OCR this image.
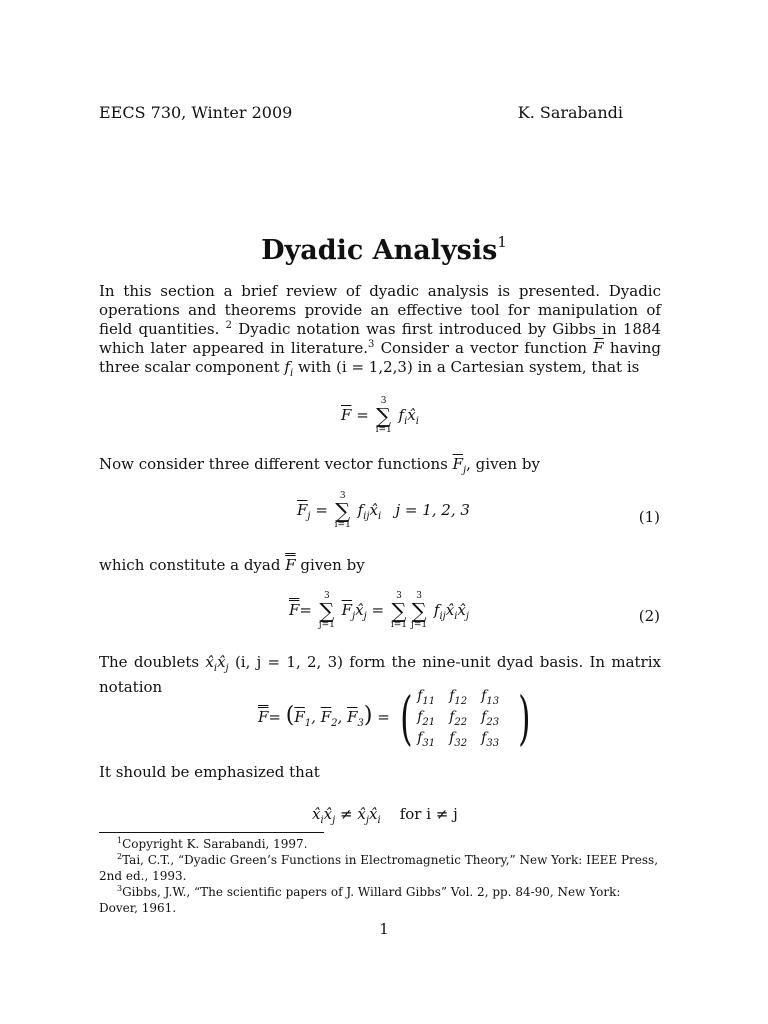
EECS 730, Winter 2009	K. Sarabandi
Dyadic Analysis$^1$
In this section a brief review of dyadic analysis is presented. Dyadic operations and theorems provide an effective tool for manipulation of field quantities. $^2$ Dyadic notation was first introduced by Gibbs in 1884 which later appeared in literature.$^3$ Consider a vector function $\overline{F}$ having three scalar component $f_i$ with (i = 1,2,3) in a Cartesian system, that is
$\overline{F}$ =
3
∑
i=1
$f_ix̂_i$
Now consider three different vector functions $\overline{F}_j$, given by
$\overline{F}_j$ =
3
∑
i=1
$f_{ij}x̂_i$ j = 1, 2, 3	(1)
which constitute a dyad F given by
F=
3
∑
j=1
$\overline{F}_jx̂_j$ =
3
∑
i=1
3
∑
j=1
$f_{ij}x̂_ix̂_j$	(2)
The doublets $x̂_ix̂_j$ (i, j = 1, 2, 3) form the nine-unit dyad basis. In matrix notation
$F= (\overline{F}_1$, $\overline{F}_2$, $\overline{F}_3$) = ( $f_{11}$	$f_{12}$	$f_{13}$
$f_{21}$	$f_{22}$	$f_{23}$
$f_{31}$	$f_{32}$	$f_{33}$ )
It should be emphasized that
$x̂_ix̂_j$ ≠ $x̂_jx̂_i$ for i ≠ j
$^1$Copyright K. Sarabandi, 1997.
$^2$Tai, C.T., “Dyadic Green’s Functions in Electromagnetic Theory,” New York: IEEE Press, 2nd ed., 1993.
$^3$Gibbs, J.W., “The scientific papers of J. Willard Gibbs” Vol. 2, pp. 84-90, New York: Dover, 1961.
1
